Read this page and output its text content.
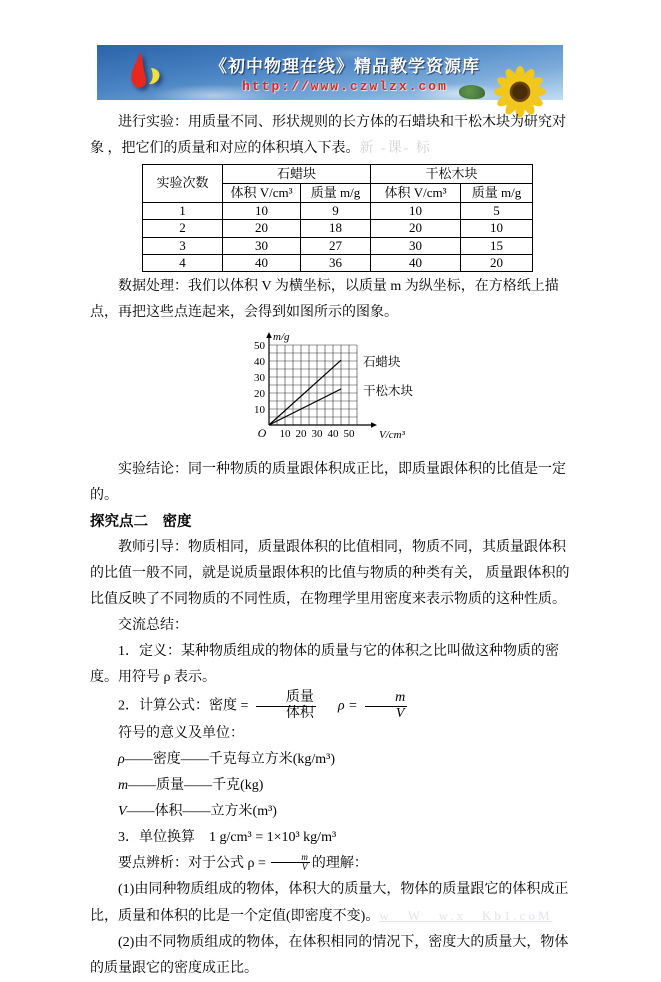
《初中物理在线》精品教学资源库
http://www.czwlzx.com

进行实验：用质量不同、形状规则的长方体的石蜡块和干松木块为研究对象 ，把它们的质量和对应的体积填入下表。新 -课- 标

实验次数	石蜡块		干松木块	
	体积 V/cm³	质量 m/g	体积 V/cm³	质量 m/g
1	10	9	10	5
2	20	18	20	10
3	30	27	30	15
4	40	36	40	20

数据处理：我们以体积 V 为横坐标，以质量 m 为纵坐标，在方格纸上描点，再把这些点连起来，会得到如图所示的图象。

10
20
30
40
50
10 20 30 40 50
O
m/g
V/cm³
石蜡块
干松木块

实验结论：同一种物质的质量跟体积成正比，即质量跟体积的比值是一定的。

探究点二　密度

教师引导：物质相同，质量跟体积的比值相同，物质不同，其质量跟体积的比值一般不同，就是说质量跟体积的比值与物质的种类有关， 质量跟体积的比值反映了不同物质的不同性质，在物理学里用密度来表示物质的这种性质。

交流总结：

1．定义：某种物质组成的物体的质量与它的体积之比叫做这种物质的密度。用符号 ρ 表示。

2．计算公式：密度 = $\frac{\text{质量}}{\text{体积}}$ $\rho = \frac{m}{V}$

符号的意义及单位：

ρ——密度——千克每立方米(kg/m³)

m——质量——千克(kg)

V——体积——立方米(m³)

3．单位换算　1 g/cm³ = 1×10³ kg/m³

要点辨析：对于公式 $\rho = \frac{m}{V}$ 的理解：

(1)由同种物质组成的物体，体积大的质量大，物体的质量跟它的体积成正比，质量和体积的比是一个定值(即密度不变)。w　W　w.x　Kb1.coM

(2)由不同物质组成的物体，在体积相同的情况下，密度大的质量大，物体的质量跟它的密度成正比。
